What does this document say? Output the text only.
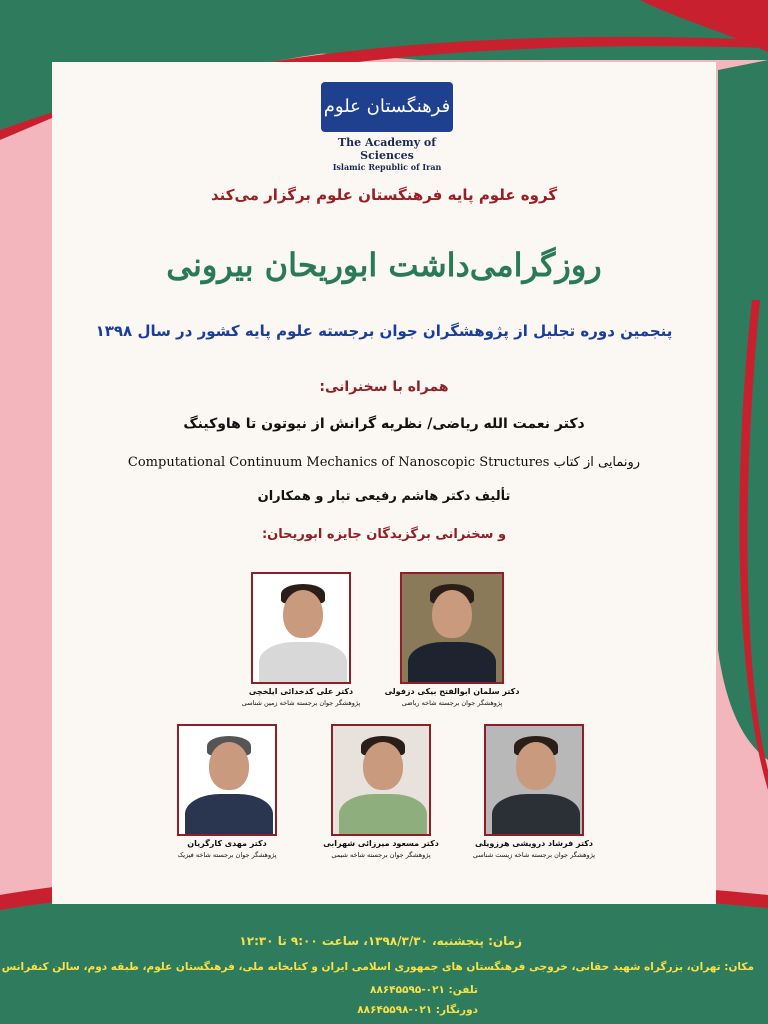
فرهنگستان علوم
The Academy of Sciences
Islamic Republic of Iran
گروه علوم پایه فرهنگستان علوم برگزار می‌کند
روزگرامی‌داشت ابوریحان بیرونی
پنجمین دوره تجلیل از پژوهشگران جوان برجسته علوم پایه کشور در سال ۱۳۹۸
همراه با سخنرانی:
دکتر نعمت الله ریاضی/ نظریه گرانش از نیوتون تا هاوکینگ
رونمایی از کتاب Computational Continuum Mechanics of Nanoscopic Structures
تألیف دکتر هاشم رفیعی تبار و همکاران
و سخنرانی برگزیدگان جایزه ابوریحان:
دکتر سلمان ابوالفتح بیکی دزفولی
پژوهشگر جوان برجسته شاخه ریاضی
دکتر علی کدخدائی ایلخچی
پژوهشگر جوان برجسته شاخه زمین شناسی
دکتر فرشاد درویشی هرزویلی
پژوهشگر جوان برجسته شاخه زیست شناسی
دکتر مسعود میرزائی شهرابی
پژوهشگر جوان برجسته شاخه شیمی
دکتر مهدی کارگریان
پژوهشگر جوان برجسته شاخه فیزیک
زمان: پنجشنبه، ۱۳۹۸/۳/۳۰، ساعت ۹:۰۰ تا ۱۲:۳۰
مکان: تهران، بزرگراه شهید حقانی، خروجی فرهنگستان های جمهوری اسلامی ایران و کتابخانه ملی، فرهنگستان علوم، طبقه دوم، سالن کنفرانس
تلفن: ۰۲۱-۸۸۶۴۵۵۹۵
دورنگار: ۰۲۱-۸۸۶۴۵۵۹۸
